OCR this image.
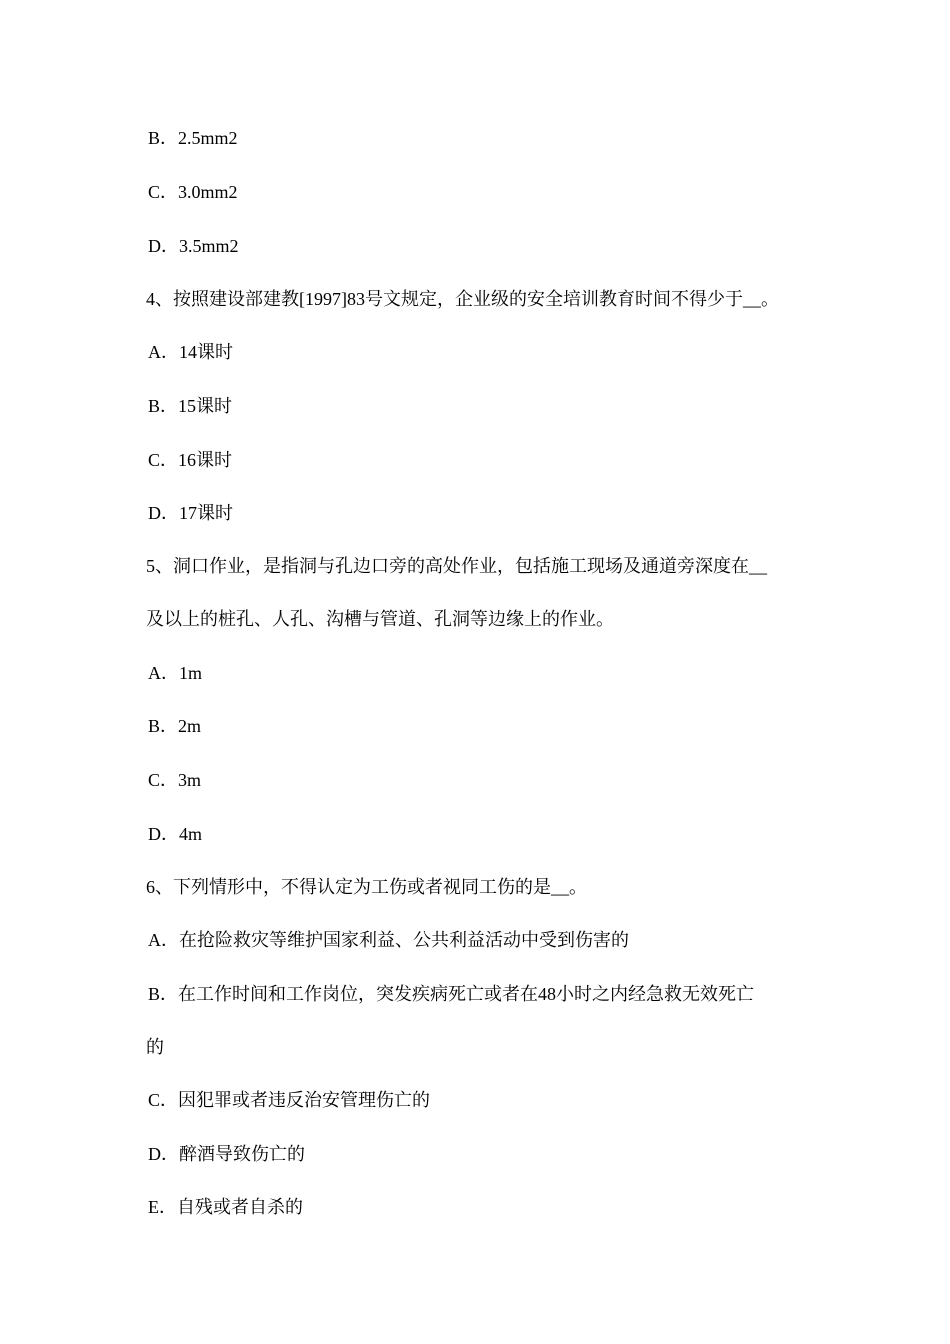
B．2.5mm2
C．3.0mm2
D．3.5mm2
4、按照建设部建教[1997]83号文规定，企业级的安全培训教育时间不得少于__。
A．14课时
B．15课时
C．16课时
D．17课时
5、洞口作业，是指洞与孔边口旁的高处作业，包括施工现场及通道旁深度在__
及以上的桩孔、人孔、沟槽与管道、孔洞等边缘上的作业。
A．1m
B．2m
C．3m
D．4m
6、下列情形中，不得认定为工伤或者视同工伤的是__。
A．在抢险救灾等维护国家利益、公共利益活动中受到伤害的
B．在工作时间和工作岗位，突发疾病死亡或者在48小时之内经急救无效死亡
的
C．因犯罪或者违反治安管理伤亡的
D．醉酒导致伤亡的
E．自残或者自杀的
